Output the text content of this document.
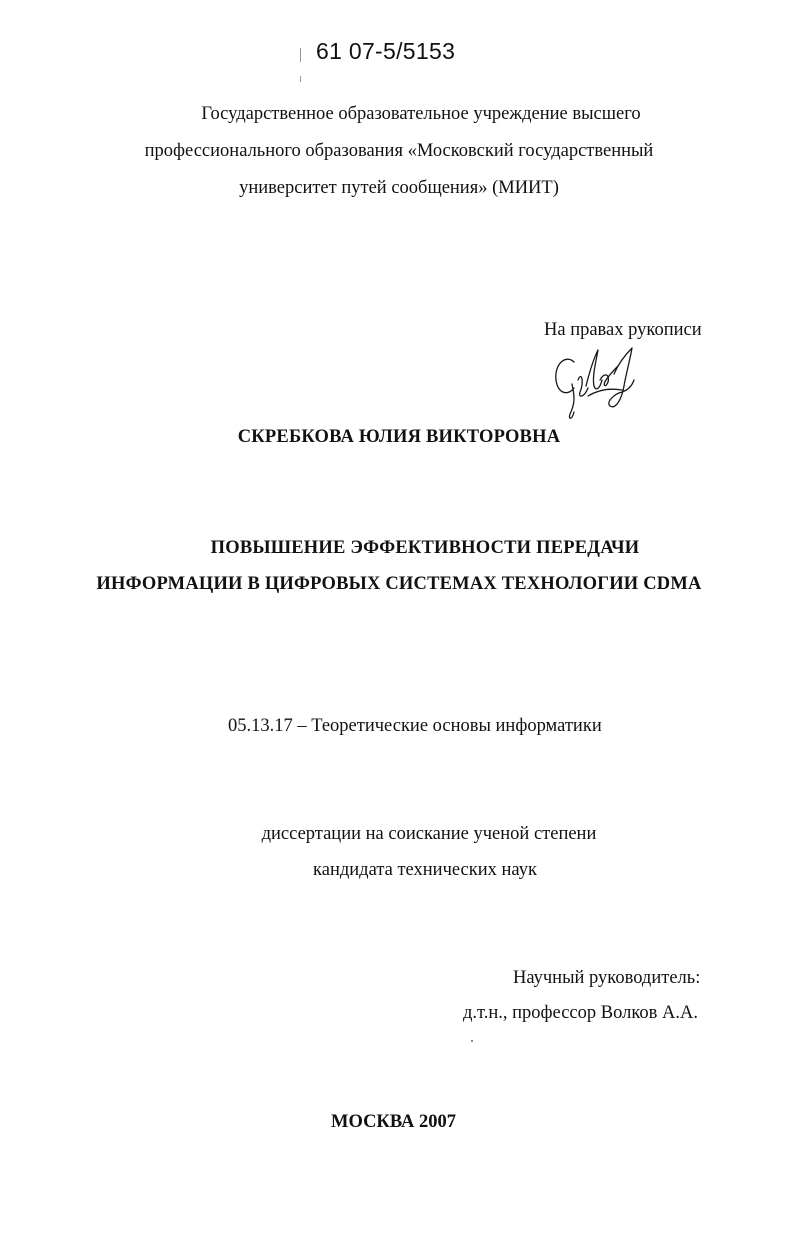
61 07-5/5153
Государственное образовательное учреждение высшего
профессионального образования «Московский государственный
университет путей сообщения» (МИИТ)
На правах рукописи
СКРЕБКОВА ЮЛИЯ ВИКТОРОВНА
ПОВЫШЕНИЕ ЭФФЕКТИВНОСТИ ПЕРЕДАЧИ
ИНФОРМАЦИИ В ЦИФРОВЫХ СИСТЕМАХ ТЕХНОЛОГИИ CDMA
05.13.17 – Теоретические основы информатики
диссертации на соискание ученой степени
кандидата технических наук
Научный руководитель:
д.т.н., профессор Волков А.А.
МОСКВА 2007
